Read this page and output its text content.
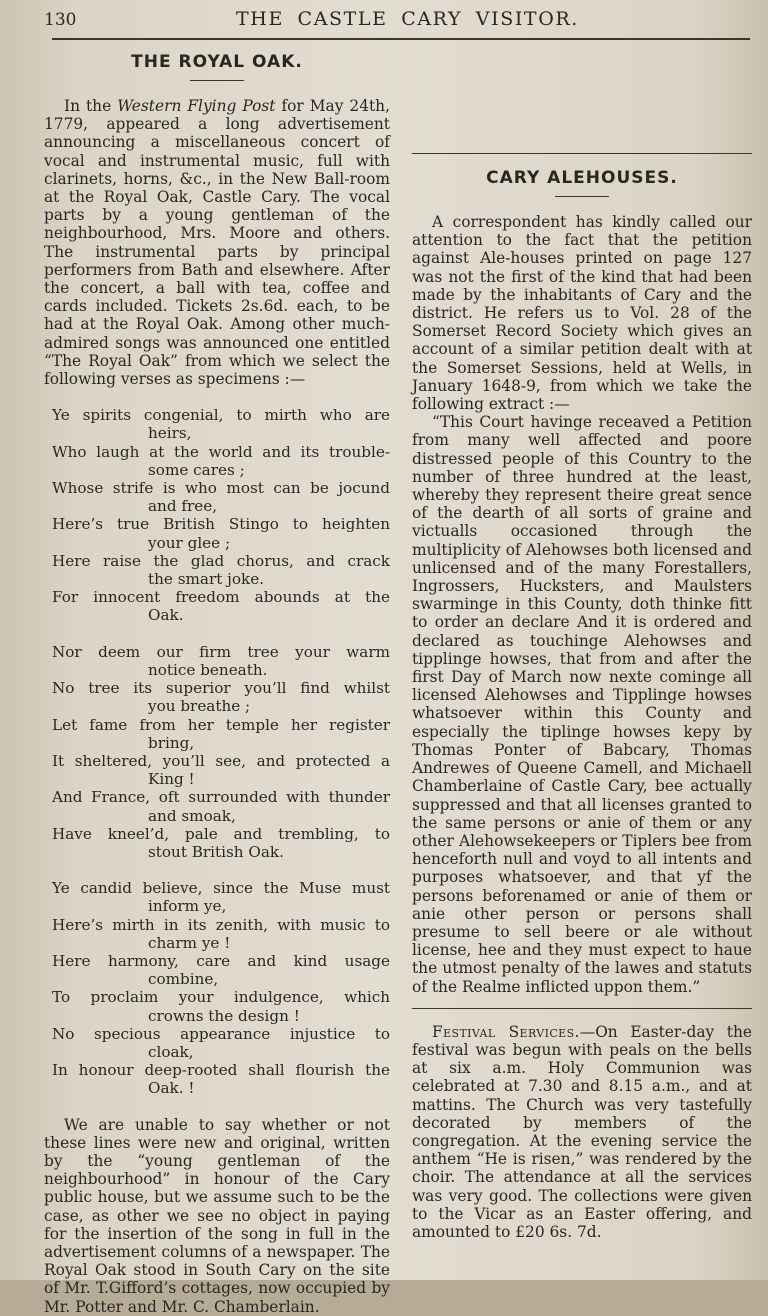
130	THE CASTLE CARY VISITOR.
THE ROYAL OAK.

In the Western Flying Post for May 24th, 1779, appeared a long advertisement announcing a miscellaneous concert of vocal and instrumental music, full with clarinets, horns, &c., in the New Ball-room at the Royal Oak, Castle Cary. The vocal parts by a young gentleman of the neighbourhood, Mrs. Moore and others. The instrumental parts by principal performers from Bath and elsewhere. After the concert, a ball with tea, coffee and cards included. Tickets 2s.6d. each, to be had at the Royal Oak. Among other much-admired songs was announced one entitled “The Royal Oak” from which we select the following verses as specimens :—

Ye spirits congenial, to mirth who are
heirs,
Who laugh at the world and its trouble-
some cares ;
Whose strife is who most can be jocund
and free,
Here’s true British Stingo to heighten
your glee ;
Here raise the glad chorus, and crack
the smart joke.
For innocent freedom abounds at the
Oak.
Nor deem our firm tree your warm
notice beneath.
No tree its superior you’ll find whilst
you breathe ;
Let fame from her temple her register
bring,
It sheltered, you’ll see, and protected a
King !
And France, oft surrounded with thunder
and smoak,
Have kneel’d, pale and trembling, to
stout British Oak.
Ye candid believe, since the Muse must
inform ye,
Here’s mirth in its zenith, with music to
charm ye !
Here harmony, care and kind usage
combine,
To proclaim your indulgence, which
crowns the design !
No specious appearance injustice to
cloak,
In honour deep-rooted shall flourish the
Oak. !

We are unable to say whether or not these lines were new and original, written by the “young gentleman of the neighbourhood” in honour of the Cary public house, but we assume such to be the case, as other we see no object in paying for the insertion of the song in full in the advertisement columns of a newspaper. The Royal Oak stood in South Cary on the site of Mr. T.Gifford’s cottages, now occupied by Mr. Potter and Mr. C. Chamberlain.

CARY ALEHOUSES.

A correspondent has kindly called our attention to the fact that the petition against Ale-houses printed on page 127 was not the first of the kind that had been made by the inhabitants of Cary and the district. He refers us to Vol. 28 of the Somerset Record Society which gives an account of a similar petition dealt with at the Somerset Sessions, held at Wells, in January 1648-9, from which we take the following extract :—

“This Court havinge receaved a Petition from many well affected and poore distressed people of this Country to the number of three hundred at the least, whereby they represent theire great sence of the dearth of all sorts of graine and victualls occasioned through the multiplicity of Alehowses both licensed and unlicensed and of the many Forestallers, Ingrossers, Hucksters, and Maulsters swarminge in this County, doth thinke fitt to order an declare And it is ordered and declared as touchinge Alehowses and tipplinge howses, that from and after the first Day of March now nexte cominge all licensed Alehowses and Tipplinge howses whatsoever within this County and especially the tiplinge howses kepy by Thomas Ponter of Babcary, Thomas Andrewes of Queene Camell, and Michaell Chamberlaine of Castle Cary, bee actually suppressed and that all licenses granted to the same persons or anie of them or any other Alehowsekeepers or Tiplers bee from henceforth null and voyd to all intents and purposes whatsoever, and that yf the persons beforenamed or anie of them or anie other person or persons shall presume to sell beere or ale without license, hee and they must expect to haue the utmost penalty of the lawes and statuts of the Realme inflicted uppon them.”

Festival Services.—On Easter-day the festival was begun with peals on the bells at six a.m. Holy Communion was celebrated at 7.30 and 8.15 a.m., and at mattins. The Church was very tastefully decorated by members of the congregation. At the evening service the anthem “He is risen,” was rendered by the choir. The attendance at all the services was very good. The collections were given to the Vicar as an Easter offering, and amounted to £20 6s. 7d.
